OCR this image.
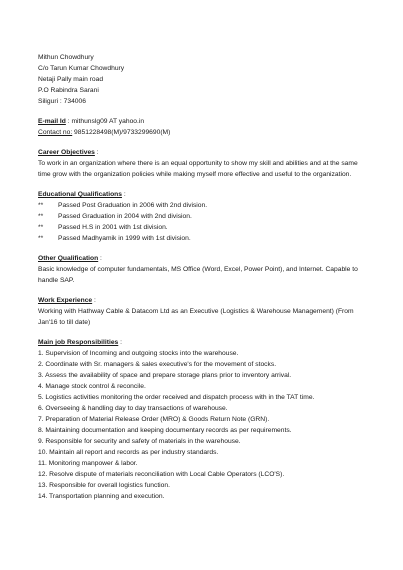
Mithun Chowdhury
C/o Tarun Kumar Chowdhury
Netaji Pally main road
P.O Rabindra Sarani
Siliguri : 734006
E-mail Id : mithunslg09 AT yahoo.in
Contact no: 9851228498(M)/9733299690(M)
Career Objectives :
To work in an organization where there is an equal opportunity to show my skill and abilities and at the same time grow with the organization policies while making myself more effective and useful to the organization.
Educational Qualifications :
**	Passed Post Graduation in 2006 with 2nd division.
**	Passed Graduation in 2004 with 2nd division.
**	Passed H.S in 2001 with 1st division.
**	Passed Madhyamik in 1999 with 1st division.
Other Qualification :
Basic knowledge of computer fundamentals, MS Office (Word, Excel, Power Point), and Internet. Capable to handle SAP.
Work Experience :
Working with Hathway Cable & Datacom Ltd as an Executive (Logistics & Warehouse Management) (From Jan'16 to till date)
Main job Responsibilities :
1. Supervision of Incoming and outgoing stocks into the warehouse.
2. Coordinate with Sr. managers & sales executive's for the movement of stocks.
3. Assess the availability of space and prepare storage plans prior to inventory arrival.
4. Manage stock control & reconcile.
5. Logistics activities monitoring the order received and dispatch process with in the TAT time.
6. Overseeing & handling day to day transactions of warehouse.
7. Preparation of Material Release Order (MRO) & Goods Return Note (GRN).
8. Maintaining documentation and keeping documentary records as per requirements.
9. Responsible for security and safety of materials in the warehouse.
10. Maintain all report and records as per industry standards.
11. Monitoring manpower & labor.
12. Resolve dispute of materials reconciliation with Local Cable Operators (LCO'S).
13. Responsible for overall logistics function.
14. Transportation planning and execution.
